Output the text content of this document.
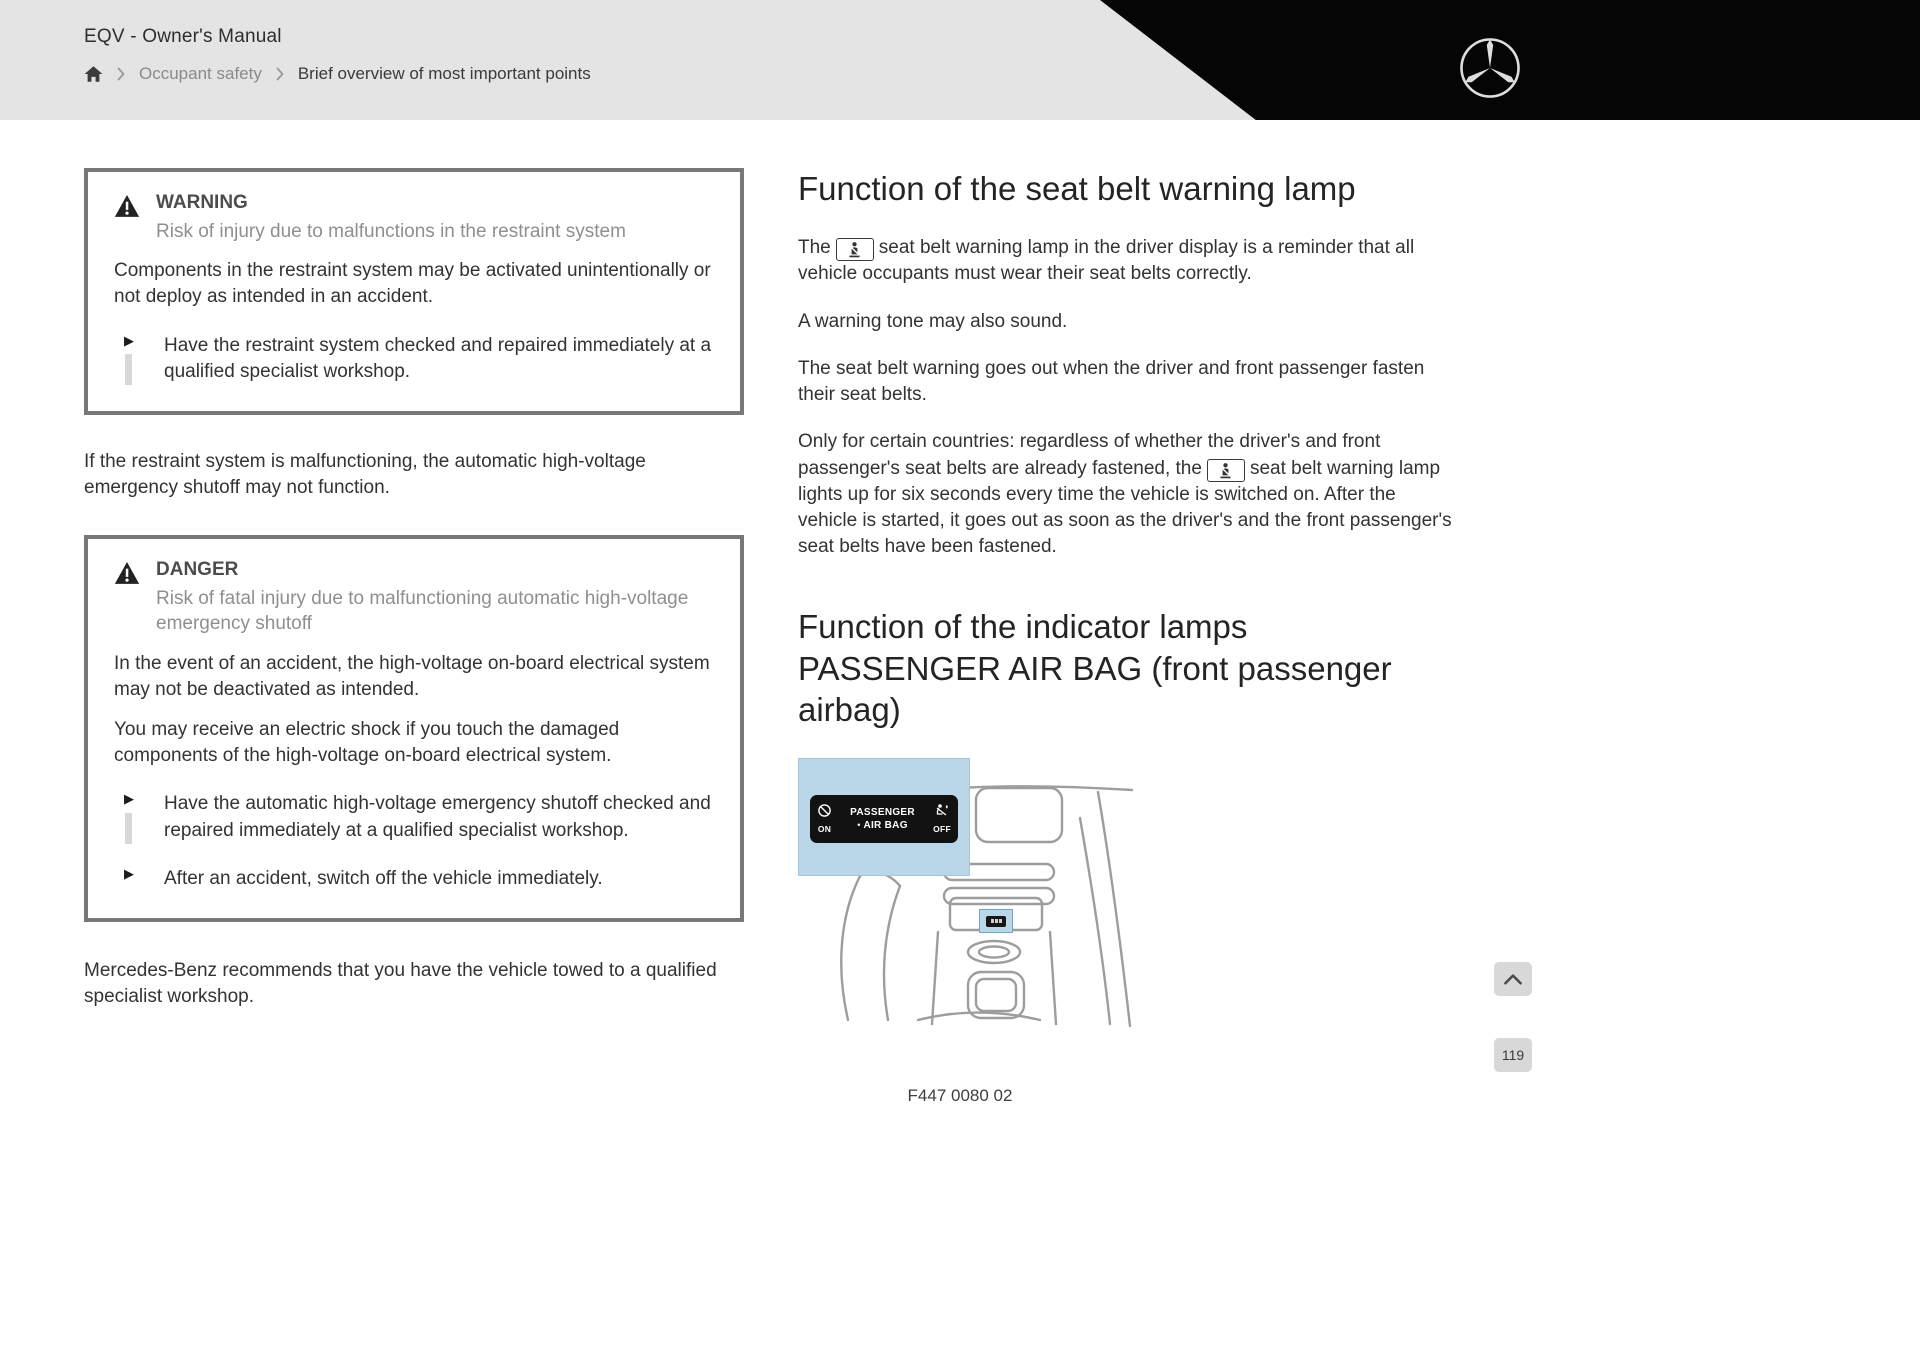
EQV - Owner's Manual
Occupant safety Brief overview of most important points
WARNING
Risk of injury due to malfunctions in the restraint system
Components in the restraint system may be activated unintentionally or not deploy as intended in an accident.
▶ Have the restraint system checked and repaired immediately at a qualified specialist workshop.

If the restraint system is malfunctioning, the automatic high-voltage emergency shutoff may not function.

DANGER
Risk of fatal injury due to malfunctioning automatic high-voltage emergency shutoff
In the event of an accident, the high-voltage on-board electrical system may not be deactivated as intended.
You may receive an electric shock if you touch the damaged components of the high-voltage on-board electrical system.
▶ Have the automatic high-voltage emergency shutoff checked and repaired immediately at a qualified specialist workshop.
▶ After an accident, switch off the vehicle immediately.

Mercedes-Benz recommends that you have the vehicle towed to a qualified specialist workshop.

Function of the seat belt warning lamp

The	seat belt warning lamp in the driver display is a reminder that all vehicle occupants must wear their seat belts correctly.

A warning tone may also sound.

The seat belt warning goes out when the driver and front passenger fasten their seat belts.

Only for certain countries: regardless of whether the driver's and front passenger's seat belts are already fastened, the	seat belt warning lamp lights up for six seconds every time the vehicle is switched on. After the vehicle is started, it goes out as soon as the driver's and the front passenger's seat belts have been fastened.

Function of the indicator lamps PASSENGER AIR BAG (front passenger airbag)
ON
PASSENGER
• AIR BAG	OFF
F447 0080 02
119
